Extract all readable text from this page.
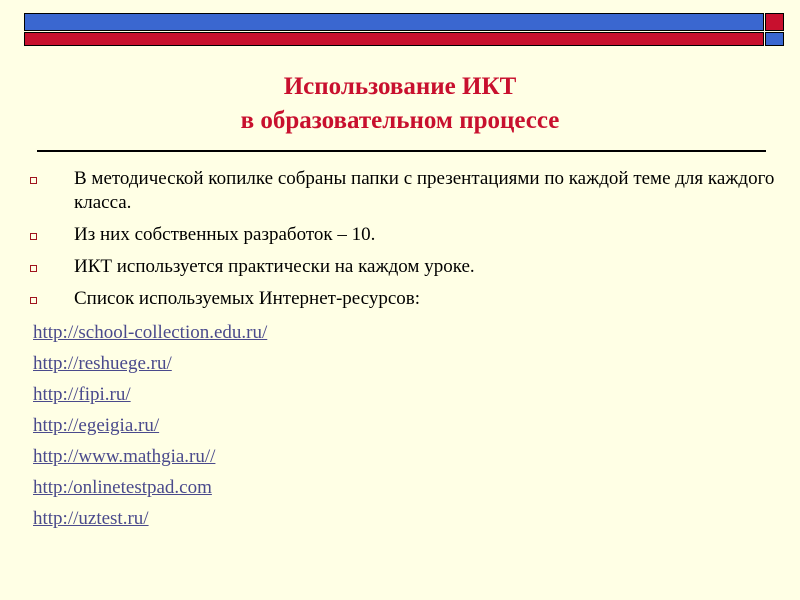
Использование ИКТ
в образовательном процессе
В методической копилке собраны папки с презентациями по каждой теме для каждого класса.
Из них собственных разработок – 10.
ИКТ используется практически на каждом уроке.
Список используемых Интернет-ресурсов:
http://school-collection.edu.ru/
http://reshuege.ru/
http://fipi.ru/
http://egeigia.ru/
http://www.mathgia.ru//
http:/onlinetestpad.com
http://uztest.ru/
